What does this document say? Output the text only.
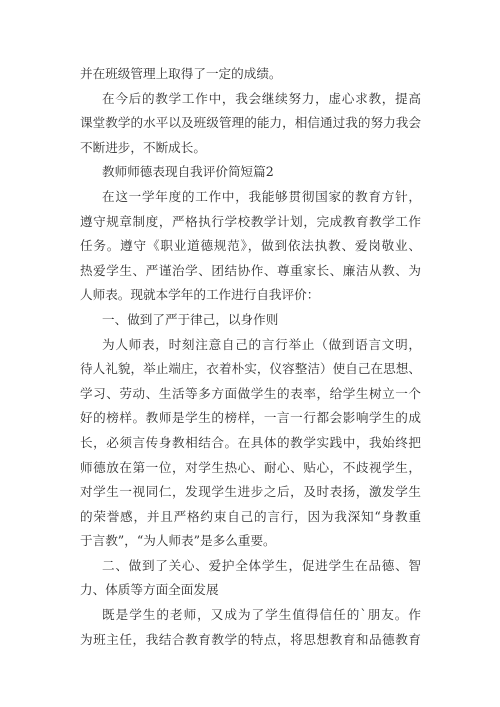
并在班级管理上取得了一定的成绩。
在今后的教学工作中，我会继续努力，虚心求教，提高
课堂教学的水平以及班级管理的能力，相信通过我的努力我会
不断进步，不断成长。
教师师德表现自我评价简短篇2
在这一学年度的工作中，我能够贯彻国家的教育方针，
遵守规章制度，严格执行学校教学计划，完成教育教学工作
任务。遵守《职业道德规范》，做到依法执教、爱岗敬业、
热爱学生、严谨治学、团结协作、尊重家长、廉洁从教、为
人师表。现就本学年的工作进行自我评价：
一、做到了严于律己，以身作则
为人师表，时刻注意自己的言行举止（做到语言文明，
待人礼貌，举止端庄，衣着朴实，仪容整洁）使自己在思想、
学习、劳动、生活等多方面做学生的表率，给学生树立一个
好的榜样。教师是学生的榜样，一言一行都会影响学生的成
长，必须言传身教相结合。在具体的教学实践中，我始终把
师德放在第一位，对学生热心、耐心、贴心，不歧视学生，
对学生一视同仁，发现学生进步之后，及时表扬，激发学生
的荣誉感，并且严格约束自己的言行，因为我深知“身教重
于言教”，“为人师表”是多么重要。
二、做到了关心、爱护全体学生，促进学生在品德、智
力、体质等方面全面发展
既是学生的老师，又成为了学生值得信任的`朋友。作
为班主任，我结合教育教学的特点，将思想教育和品德教育
